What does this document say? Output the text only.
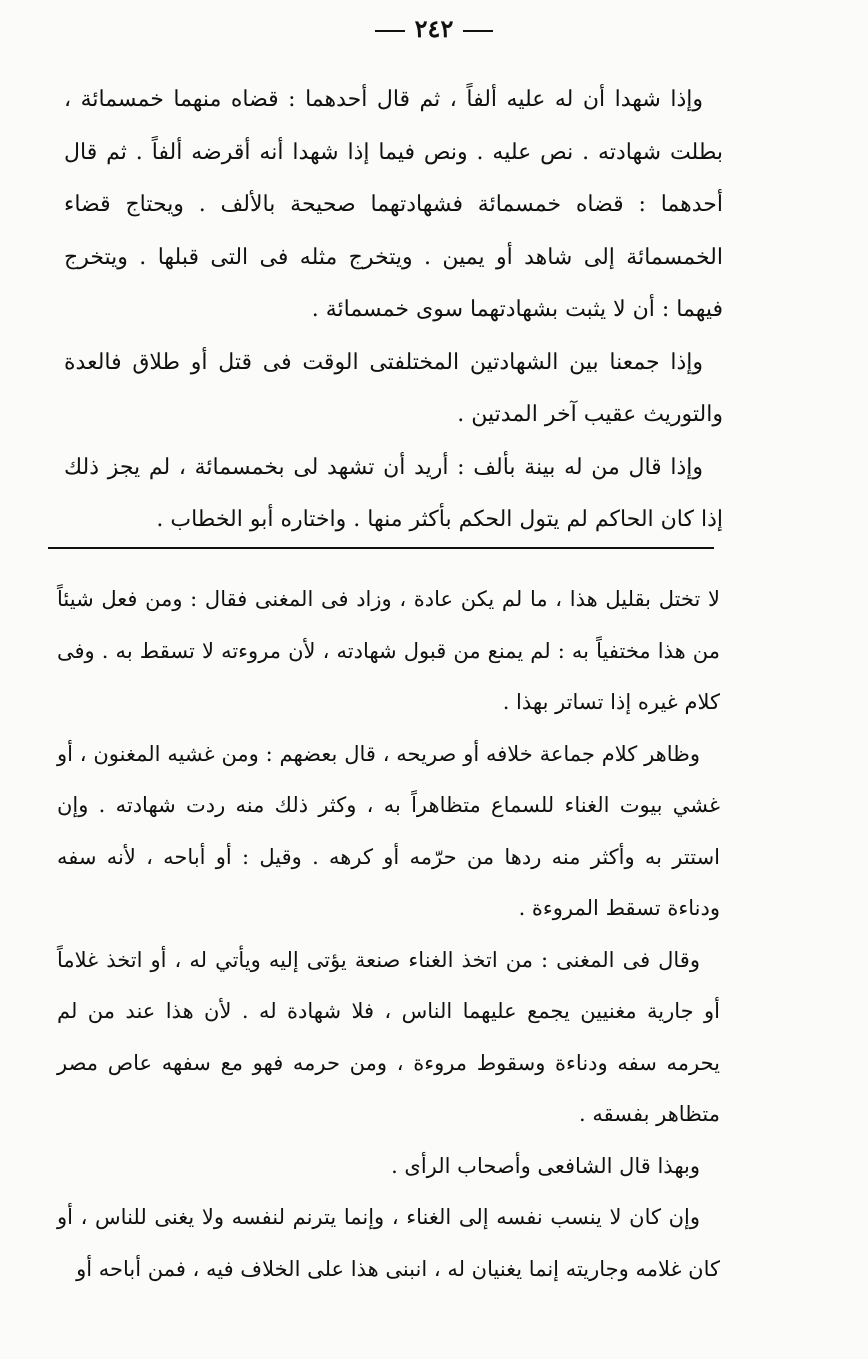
٢٤٢

وإذا شهدا أن له عليه ألفاً ، ثم قال أحدهما : قضاه منهما خمسمائة ، بطلت شهادته . نص عليه . ونص فيما إذا شهدا أنه أقرضه ألفاً . ثم قال أحدهما : قضاه خمسمائة فشهادتهما صحيحة بالألف . ويحتاج قضاء الخمسمائة إلى شاهد أو يمين . ويتخرج مثله فى التى قبلها . ويتخرج فيهما : أن لا يثبت بشهادتهما سوى خمسمائة .

وإذا جمعنا بين الشهادتين المختلفتى الوقت فى قتل أو طلاق فالعدة والتوريث عقيب آخر المدتين .

وإذا قال من له بينة بألف : أريد أن تشهد لى بخمسمائة ، لم يجز ذلك إذا كان الحاكم لم يتول الحكم بأكثر منها . واختاره أبو الخطاب .

لا تختل بقليل هذا ، ما لم يكن عادة ، وزاد فى المغنى فقال : ومن فعل شيئاً من هذا مختفياً به : لم يمنع من قبول شهادته ، لأن مروءته لا تسقط به . وفى كلام غيره إذا تساتر بهذا .

وظاهر كلام جماعة خلافه أو صريحه ، قال بعضهم : ومن غشيه المغنون ، أو غشي بيوت الغناء للسماع متظاهراً به ، وكثر ذلك منه ردت شهادته . وإن استتر به وأكثر منه ردها من حرّمه أو كرهه . وقيل : أو أباحه ، لأنه سفه ودناءة تسقط المروءة .

وقال فى المغنى : من اتخذ الغناء صنعة يؤتى إليه ويأتي له ، أو اتخذ غلاماً أو جارية مغنيين يجمع عليهما الناس ، فلا شهادة له . لأن هذا عند من لم يحرمه سفه ودناءة وسقوط مروءة ، ومن حرمه فهو مع سفهه عاص مصر متظاهر بفسقه .

وبهذا قال الشافعى وأصحاب الرأى .

وإن كان لا ينسب نفسه إلى الغناء ، وإنما يترنم لنفسه ولا يغنى للناس ، أو كان غلامه وجاريته إنما يغنيان له ، انبنى هذا على الخلاف فيه ، فمن أباحه أو
